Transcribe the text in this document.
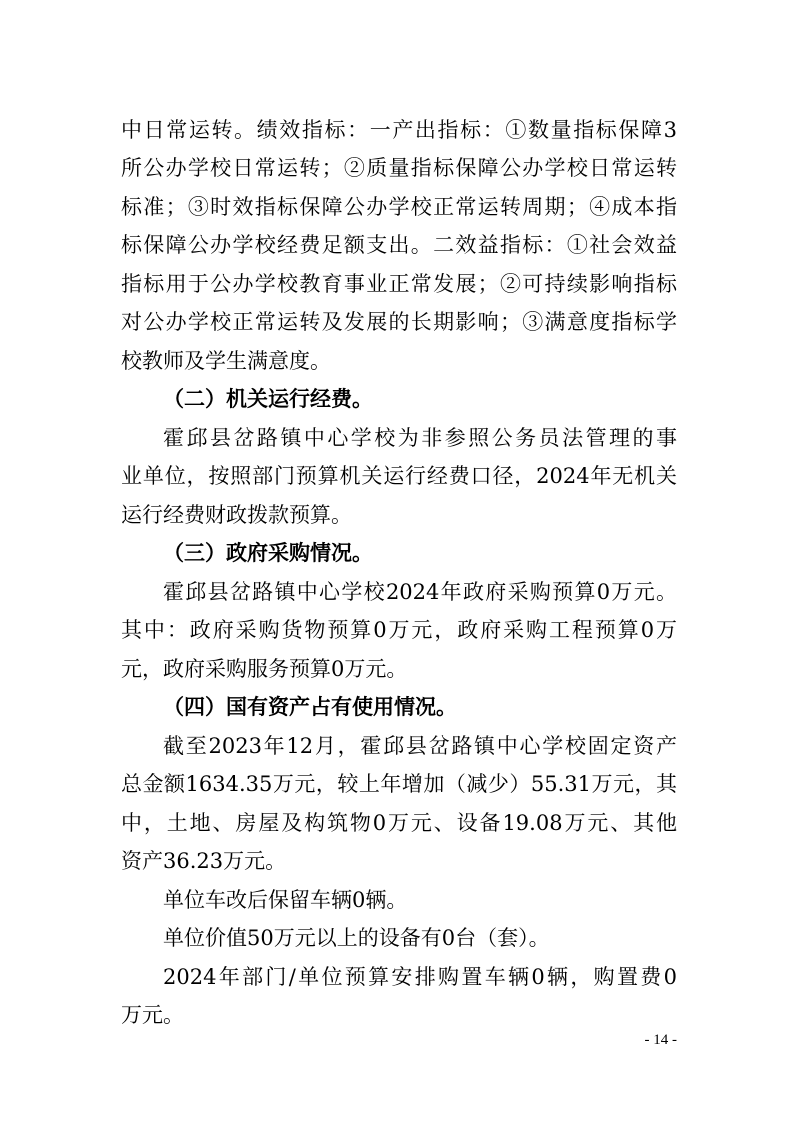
中日常运转。绩效指标：一产出指标：①数量指标保障3
所公办学校日常运转；②质量指标保障公办学校日常运转
标准；③时效指标保障公办学校正常运转周期；④成本指
标保障公办学校经费足额支出。二效益指标：①社会效益
指标用于公办学校教育事业正常发展；②可持续影响指标
对公办学校正常运转及发展的长期影响；③满意度指标学
校教师及学生满意度。
（二）机关运行经费。
霍邱县岔路镇中心学校为非参照公务员法管理的事
业单位，按照部门预算机关运行经费口径，2024年无机关
运行经费财政拨款预算。
（三）政府采购情况。
霍邱县岔路镇中心学校2024年政府采购预算0万元。
其中：政府采购货物预算0万元，政府采购工程预算0万
元，政府采购服务预算0万元。
（四）国有资产占有使用情况。
截至2023年12月，霍邱县岔路镇中心学校固定资产
总金额1634.35万元，较上年增加（减少）55.31万元，其
中，土地、房屋及构筑物0万元、设备19.08万元、其他
资产36.23万元。
单位车改后保留车辆0辆。
单位价值50万元以上的设备有0台（套）。
2024年部门/单位预算安排购置车辆0辆，购置费0
万元。
- 14 -
